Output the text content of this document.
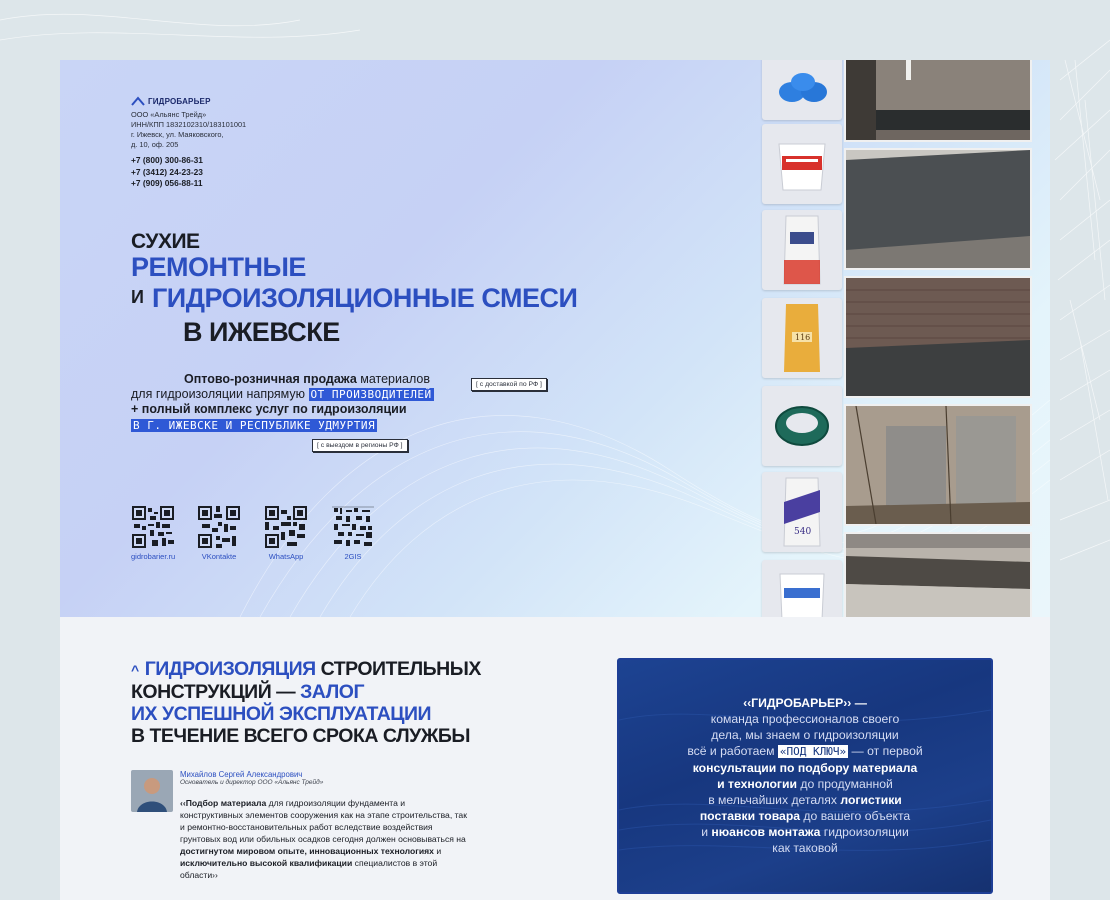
ГИДРОБАРЬЕР
ООО «Альянс Трейд»
ИНН/КПП 1832102310/183101001
г. Ижевск, ул. Маяковского,
д. 10, оф. 205
+7 (800) 300-86-31
+7 (3412) 24-23-23
+7 (909) 056-88-11
СУХИЕ
РЕМОНТНЫЕ
И ГИДРОИЗОЛЯЦИОННЫЕ СМЕСИ
В ИЖЕВСКЕ
Оптово-розничная продажа материалов
для гидроизоляции напрямую ОТ ПРОИЗВОДИТЕЛЕЙ
+ полный комплекс услуг по гидроизоляции
В Г. ИЖЕВСКЕ И РЕСПУБЛИКЕ УДМУРТИЯ
[ с доставкой по РФ ]
[ с выездом в регионы РФ ]
gidrobarier.ru	VKontakte	WhatsApp	2GIS
116
540
^ ГИДРОИЗОЛЯЦИЯ СТРОИТЕЛЬНЫХ
КОНСТРУКЦИЙ — ЗАЛОГ
ИХ УСПЕШНОЙ ЭКСПЛУАТАЦИИ
В ТЕЧЕНИЕ ВСЕГО СРОКА СЛУЖБЫ
Михайлов Сергей Александрович
Основатель и директор ООО «Альянс Трейд»
‹‹Подбор материала для гидроизоляции фундамента и конструктивных элементов сооружения как на этапе строительства, так и ремонтно-восстановительных работ вследствие воздействия грунтовых вод или обильных осадков сегодня должен основываться на достигнутом мировом опыте, инновационных технологиях и исключительно высокой квалификации специалистов в этой области››
‹‹ГИДРОБАРЬЕР›› —
команда профессионалов своего
дела, мы знаем о гидроизоляции
всё и работаем «ПОД КЛЮЧ» — от первой
консультации по подбору материала
и технологии до продуманной
в мельчайших деталях логистики
поставки товара до вашего объекта
и нюансов монтажа гидроизоляции
как таковой
